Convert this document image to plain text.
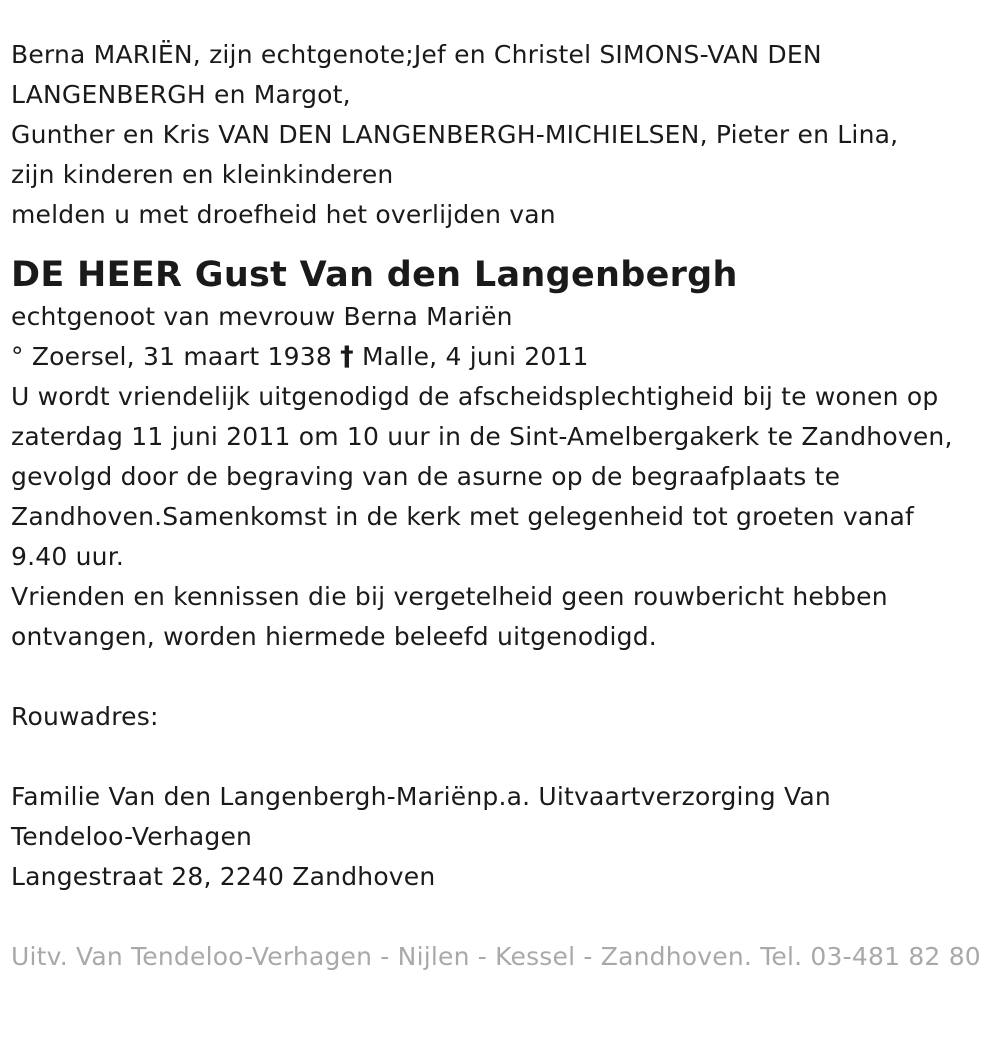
Berna MARIËN, zijn echtgenote;Jef en Christel SIMONS-VAN DEN
LANGENBERGH en Margot,
Gunther en Kris VAN DEN LANGENBERGH-MICHIELSEN, Pieter en Lina,
zijn kinderen en kleinkinderen
melden u met droefheid het overlijden van
DE HEER Gust Van den Langenbergh
echtgenoot van mevrouw Berna Mariën
° Zoersel, 31 maart 1938 † Malle, 4 juni 2011
U wordt vriendelijk uitgenodigd de afscheidsplechtigheid bij te wonen op
zaterdag 11 juni 2011 om 10 uur in de Sint-Amelbergakerk te Zandhoven,
gevolgd door de begraving van de asurne op de begraafplaats te
Zandhoven.Samenkomst in de kerk met gelegenheid tot groeten vanaf
9.40 uur.
Vrienden en kennissen die bij vergetelheid geen rouwbericht hebben
ontvangen, worden hiermede beleefd uitgenodigd.
Rouwadres:
Familie Van den Langenbergh-Mariënp.a. Uitvaartverzorging Van
Tendeloo-Verhagen
Langestraat 28, 2240 Zandhoven
Uitv. Van Tendeloo-Verhagen - Nijlen - Kessel - Zandhoven. Tel. 03-481 82 80
